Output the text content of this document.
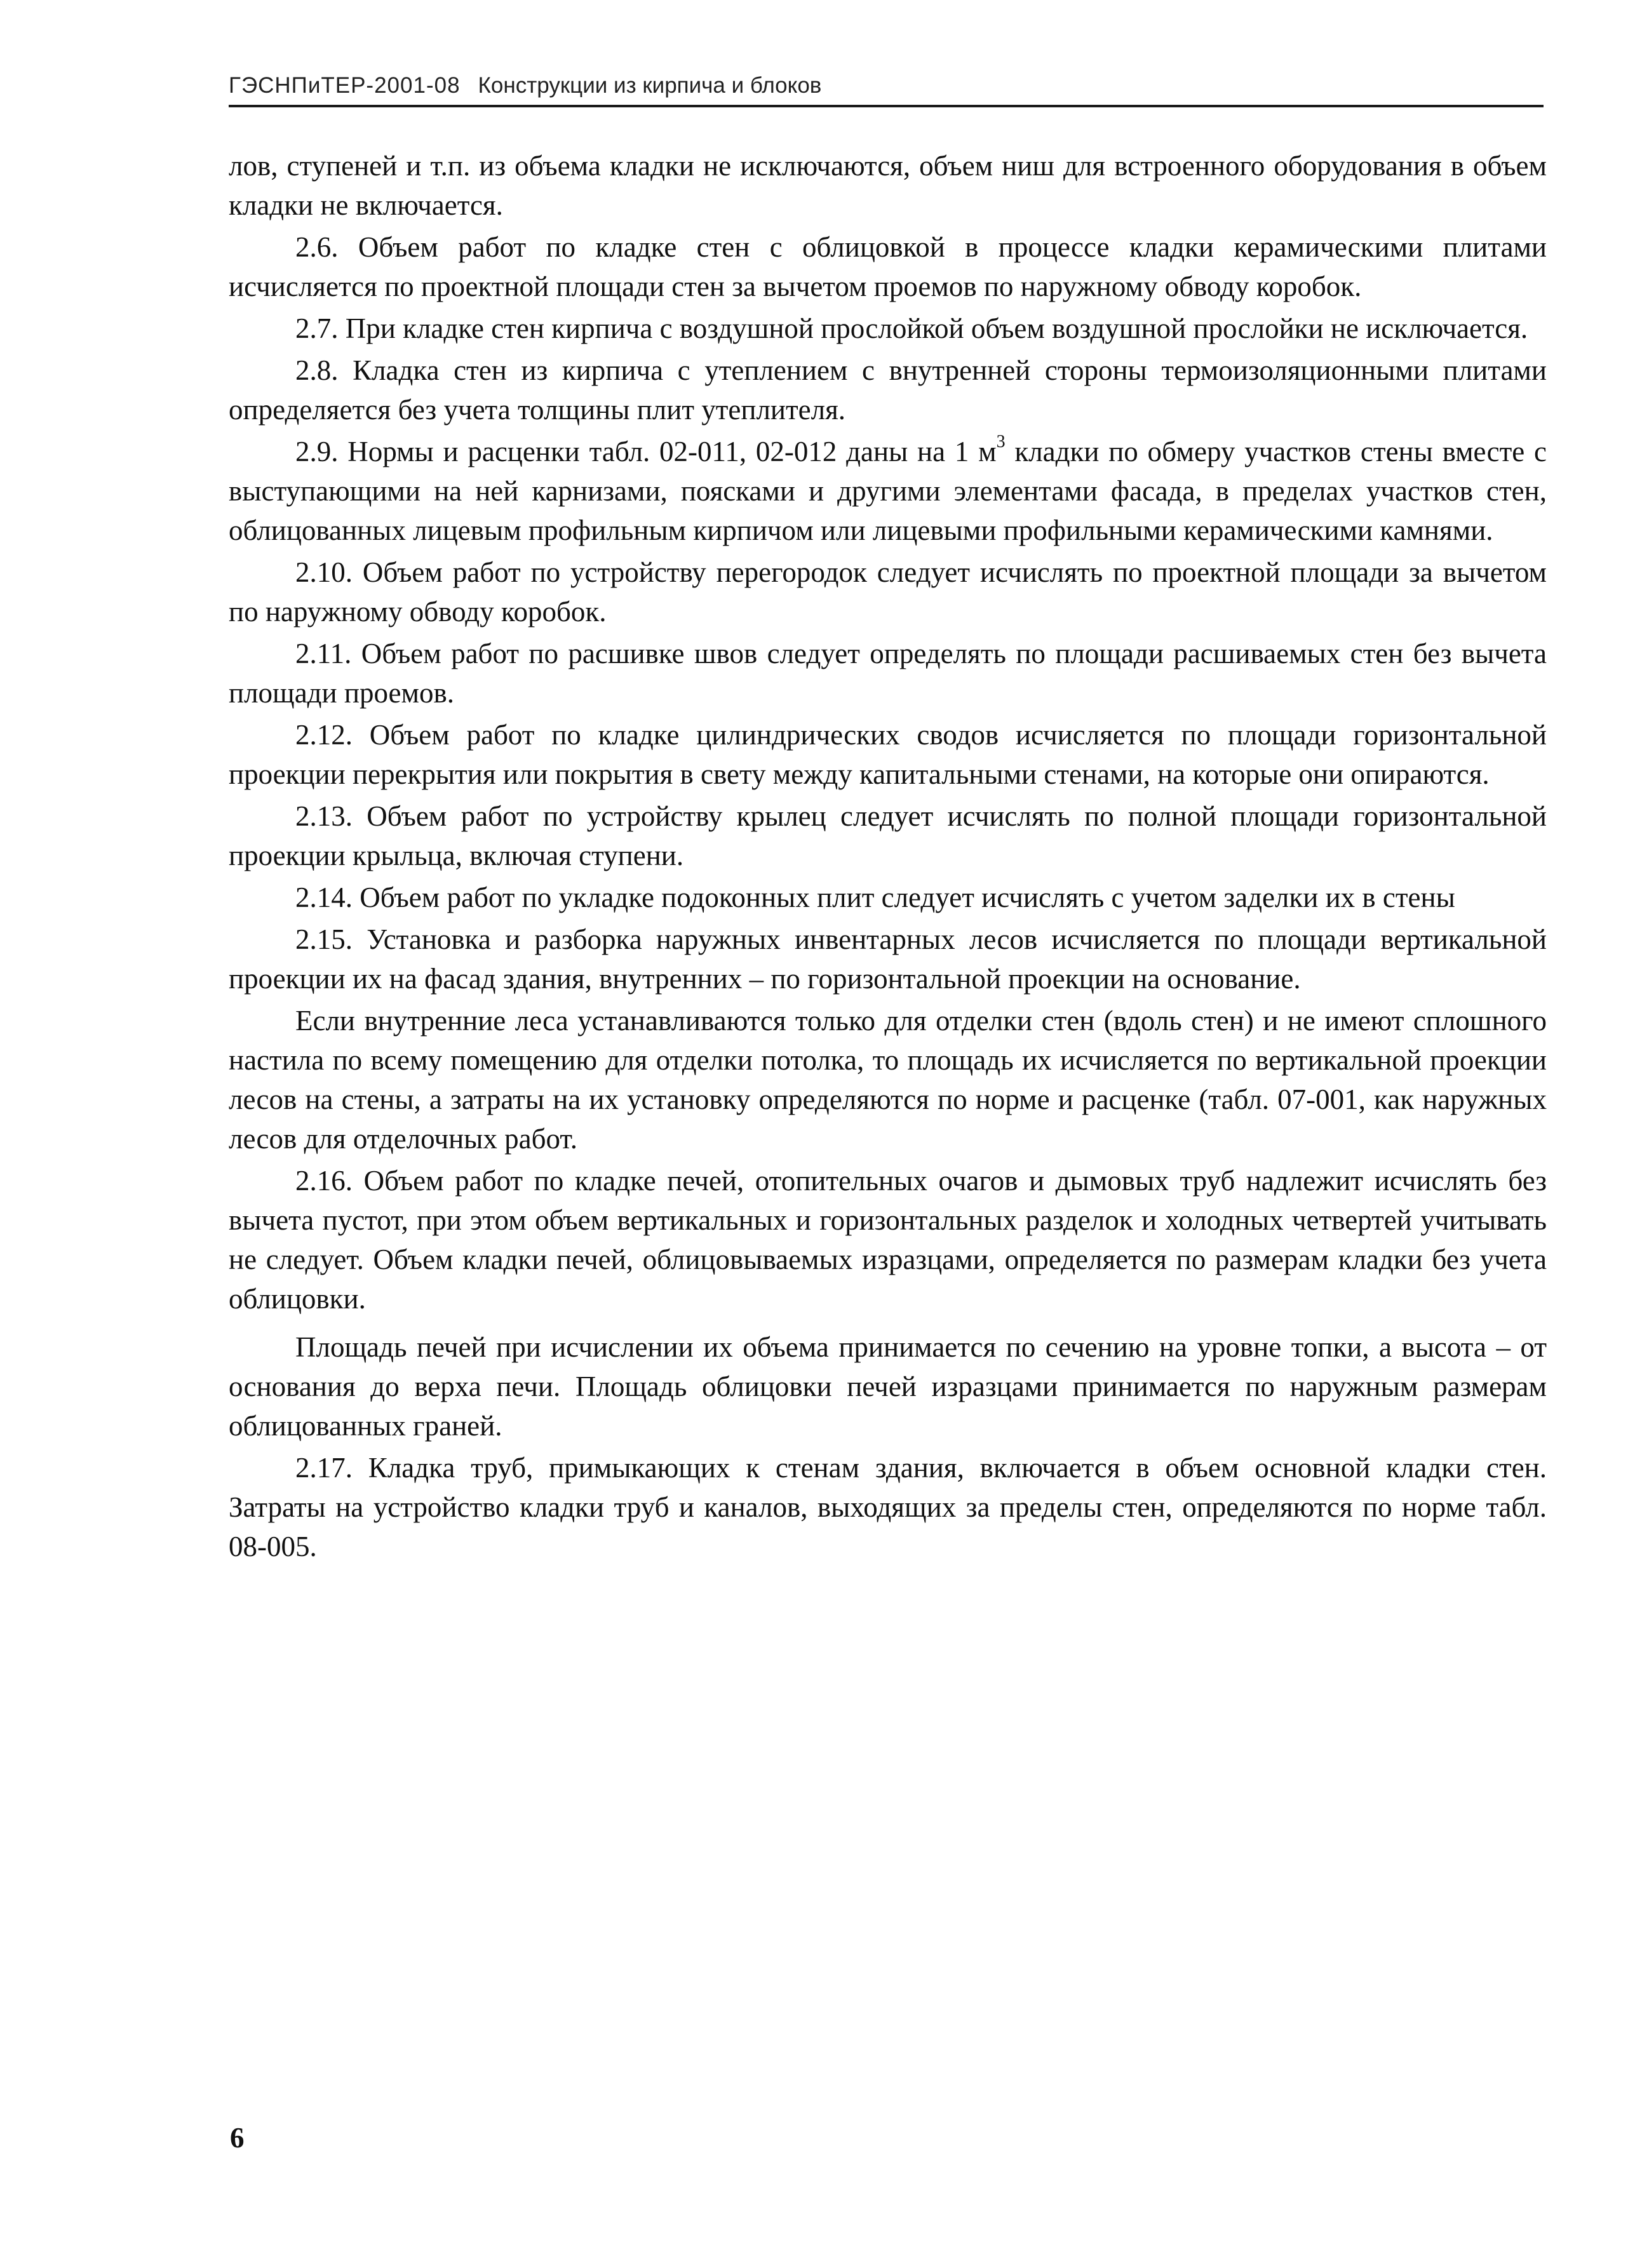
ГЭСНПиТЕР-2001-08 Конструкции из кирпича и блоков

лов, ступеней и т.п. из объема кладки не исключаются, объем ниш для встроенного оборудования в объем кладки не включается.

2.6. Объем работ по кладке стен с облицовкой в процессе кладки керамическими плитами исчисляется по проектной площади стен за вычетом проемов по наружному обводу коробок.

2.7. При кладке стен кирпича с воздушной прослойкой объем воздушной прослойки не исключается.

2.8. Кладка стен из кирпича с утеплением с внутренней стороны термоизоляционными плитами определяется без учета толщины плит утеплителя.

2.9. Нормы и расценки табл. 02-011, 02-012 даны на 1 $м^3$ кладки по обмеру участков стены вместе с выступающими на ней карнизами, поясками и другими элементами фасада, в пределах участков стен, облицованных лицевым профильным кирпичом или лицевыми профильными керамическими камнями.

2.10. Объем работ по устройству перегородок следует исчислять по проектной площади за вычетом по наружному обводу коробок.

2.11. Объем работ по расшивке швов следует определять по площади расшиваемых стен без вычета площади проемов.

2.12. Объем работ по кладке цилиндрических сводов исчисляется по площади горизонтальной проекции перекрытия или покрытия в свету между капитальными стенами, на которые они опираются.

2.13. Объем работ по устройству крылец следует исчислять по полной площади горизонтальной проекции крыльца, включая ступени.

2.14. Объем работ по укладке подоконных плит следует исчислять с учетом заделки их в стены

2.15. Установка и разборка наружных инвентарных лесов исчисляется по площади вертикальной проекции их на фасад здания, внутренних – по горизонтальной проекции на основание.

Если внутренние леса устанавливаются только для отделки стен (вдоль стен) и не имеют сплошного настила по всему помещению для отделки потолка, то площадь их исчисляется по вертикальной проекции лесов на стены, а затраты на их установку определяются по норме и расценке (табл. 07-001, как наружных лесов для отделочных работ.

2.16. Объем работ по кладке печей, отопительных очагов и дымовых труб надлежит исчислять без вычета пустот, при этом объем вертикальных и горизонтальных разделок и холодных четвертей учитывать не следует. Объем кладки печей, облицовываемых изразцами, определяется по размерам кладки без учета облицовки.

Площадь печей при исчислении их объема принимается по сечению на уровне топки, а высота – от основания до верха печи. Площадь облицовки печей изразцами принимается по наружным размерам облицованных граней.

2.17. Кладка труб, примыкающих к стенам здания, включается в объем основной кладки стен. Затраты на устройство кладки труб и каналов, выходящих за пределы стен, определяются по норме табл. 08-005.

6
